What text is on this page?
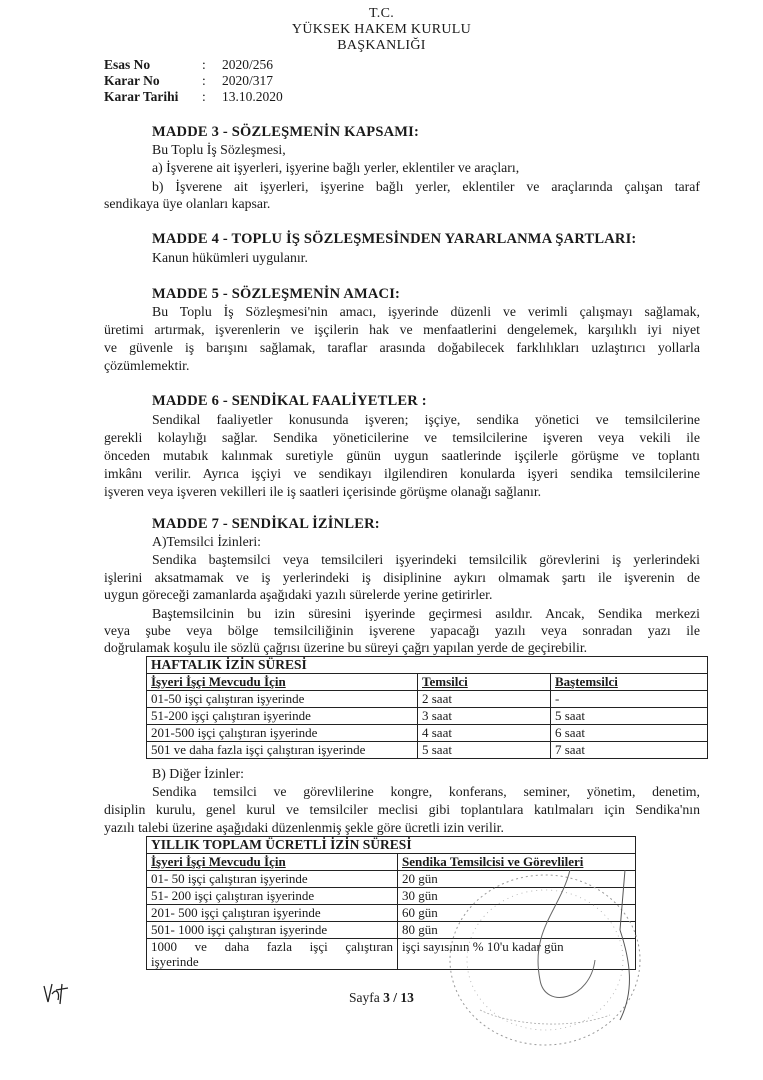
T.C.
YÜKSEK HAKEM KURULU
BAŞKANLIĞI
Esas No	: 2020/256
Karar No	: 2020/317
Karar Tarihi : 13.10.2020
MADDE 3 - SÖZLEŞMENİN KAPSAMI:
Bu Toplu İş Sözleşmesi,
a) İşverene ait işyerleri, işyerine bağlı yerler, eklentiler ve araçları,
b) İşverene ait işyerleri, işyerine bağlı yerler, eklentiler ve araçlarında çalışan taraf
sendikaya üye olanları kapsar.
MADDE 4 - TOPLU İŞ SÖZLEŞMESİNDEN YARARLANMA ŞARTLARI:
Kanun hükümleri uygulanır.
MADDE 5 - SÖZLEŞMENİN AMACI:
Bu Toplu İş Sözleşmesi'nin amacı, işyerinde düzenli ve verimli çalışmayı sağlamak,
üretimi artırmak, işverenlerin ve işçilerin hak ve menfaatlerini dengelemek, karşılıklı iyi niyet
ve güvenle iş barışını sağlamak, taraflar arasında doğabilecek farklılıkları uzlaştırıcı yollarla
çözümlemektir.
MADDE 6 - SENDİKAL FAALİYETLER :
Sendikal faaliyetler konusunda işveren; işçiye, sendika yönetici ve temsilcilerine
gerekli kolaylığı sağlar. Sendika yöneticilerine ve temsilcilerine işveren veya vekili ile
önceden mutabık kalınmak suretiyle günün uygun saatlerinde işçilerle görüşme ve toplantı
imkânı verilir. Ayrıca işçiyi ve sendikayı ilgilendiren konularda işyeri sendika temsilcilerine
işveren veya işveren vekilleri ile iş saatleri içerisinde görüşme olanağı sağlanır.
MADDE 7 - SENDİKAL İZİNLER:
A)Temsilci İzinleri:
Sendika baştemsilci veya temsilcileri işyerindeki temsilcilik görevlerini iş yerlerindeki
işlerini aksatmamak ve iş yerlerindeki iş disiplinine aykırı olmamak şartı ile işverenin de
uygun göreceği zamanlarda aşağıdaki yazılı sürelerde yerine getirirler.
Baştemsilcinin bu izin süresini işyerinde geçirmesi asıldır. Ancak, Sendika merkezi
veya şube veya bölge temsilciliğinin işverene yapacağı yazılı veya sonradan yazı ile
doğrulamak koşulu ile sözlü çağrısı üzerine bu süreyi çağrı yapılan yerde de geçirebilir.
HAFTALIK İZİN SÜRESİ		
İşyeri İşçi Mevcudu İçin	Temsilci	Baştemsilci
01-50 işçi çalıştıran işyerinde	2 saat	-
51-200 işçi çalıştıran işyerinde	3 saat	5 saat
201-500 işçi çalıştıran işyerinde	4 saat	6 saat
501 ve daha fazla işçi çalıştıran işyerinde	5 saat	7 saat
B) Diğer İzinler:
Sendika temsilci ve görevlilerine kongre, konferans, seminer, yönetim, denetim,
disiplin kurulu, genel kurul ve temsilciler meclisi gibi toplantılara katılmaları için Sendika'nın
yazılı talebi üzerine aşağıdaki düzenlenmiş şekle göre ücretli izin verilir.
YILLIK TOPLAM ÜCRETLİ İZİN SÜRESİ	
İşyeri İşçi Mevcudu İçin	Sendika Temsilcisi ve Görevlileri
01- 50 işçi çalıştıran işyerinde	20 gün
51- 200 işçi çalıştıran işyerinde	30 gün
201- 500 işçi çalıştıran işyerinde	60 gün
501- 1000 işçi çalıştıran işyerinde	80 gün

1000 ve daha fazla işçi çalıştıran
işyerinde	işçi sayısının % 10'u kadar gün
Sayfa 3 / 13
